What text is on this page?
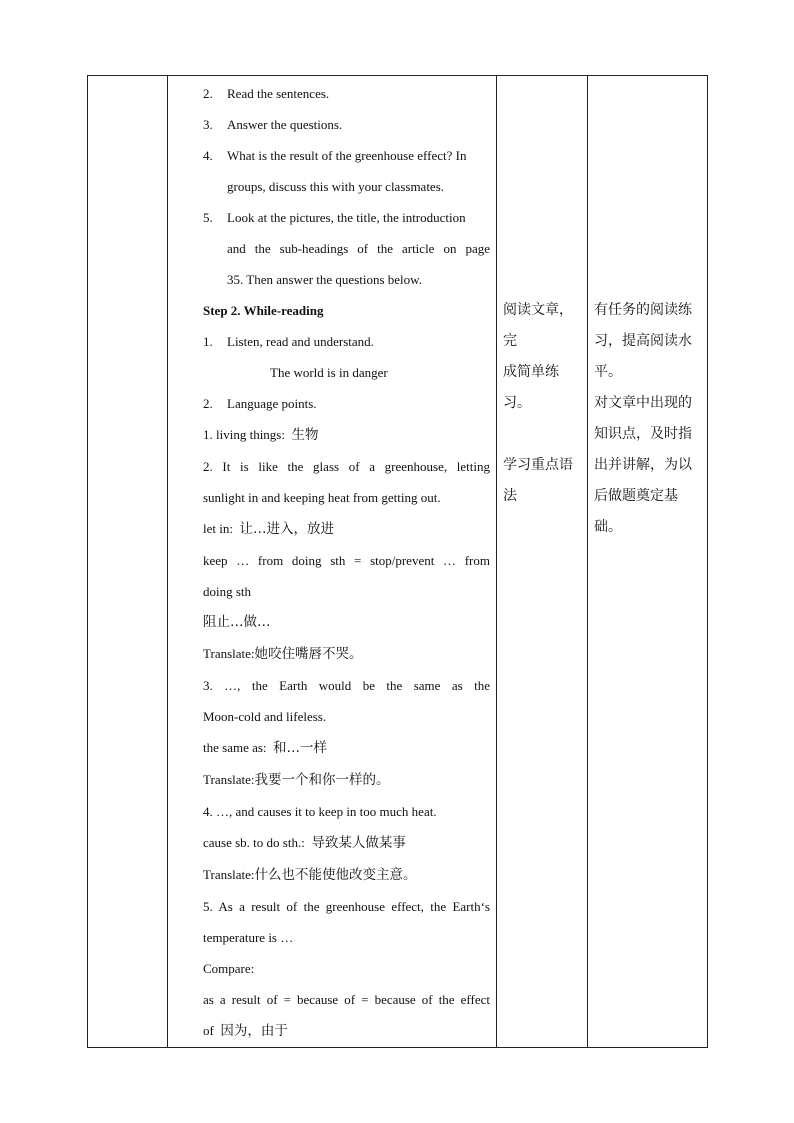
2. Read the sentences.
3. Answer the questions.
4. What is the result of the greenhouse effect? In
groups, discuss this with your classmates.
5. Look at the pictures, the title, the introduction
and the sub-headings of the article on page
35. Then answer the questions below.
Step 2. While-reading
1. Listen, read and understand.
The world is in danger
2. Language points.
1. living things: 生物
2. It is like the glass of a greenhouse, letting
sunlight in and keeping heat from getting out.
let in: 让…进入，放进
keep … from doing sth = stop/prevent … from
doing sth
阻止…做…
Translate:她咬住嘴唇不哭。
3. …, the Earth would be the same as the
Moon-cold and lifeless.
the same as: 和…一样
Translate:我要一个和你一样的。
4. …, and causes it to keep in too much heat.
cause sb. to do sth.: 导致某人做某事
Translate:什么也不能使他改变主意。
5. As a result of the greenhouse effect, the Earth‘s
temperature is …
Compare:
as a result of = because of = because of the effect
of 因为，由于

阅读文章，完
成简单练习。
学习重点语
法

有任务的阅读练
习，提高阅读水
平。
对文章中出现的
知识点，及时指
出并讲解，为以
后做题奠定基础。
